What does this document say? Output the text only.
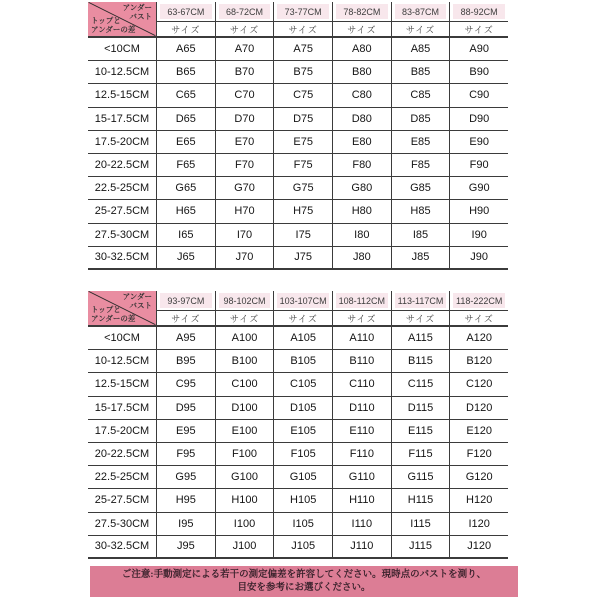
アンダー
バスト
トップと
アンダーの差
63-67CM	68-72CM	73-77CM	78-82CM	83-87CM	88-92CM
サイズ	サイズ	サイズ	サイズ	サイズ	サイズ
<10CM	A65	A70	A75	A80	A85	A90
10-12.5CM	B65	B70	B75	B80	B85	B90
12.5-15CM	C65	C70	C75	C80	C85	C90
15-17.5CM	D65	D70	D75	D80	D85	D90
17.5-20CM	E65	E70	E75	E80	E85	E90
20-22.5CM	F65	F70	F75	F80	F85	F90
22.5-25CM	G65	G70	G75	G80	G85	G90
25-27.5CM	H65	H70	H75	H80	H85	H90
27.5-30CM	I65	I70	I75	I80	I85	I90
30-32.5CM	J65	J70	J75	J80	J85	J90
アンダー
バスト
トップと
アンダーの差
93-97CM	98-102CM	103-107CM 108-112CM	113-117CM	118-222CM
サイズ	サイズ	サイズ	サイズ	サイズ	サイズ
<10CM	A95	A100	A105	A110	A115	A120
10-12.5CM	B95	B100	B105	B110	B115	B120
12.5-15CM	C95	C100	C105	C110	C115	C120
15-17.5CM	D95	D100	D105	D110	D115	D120
17.5-20CM	E95	E100	E105	E110	E115	E120
20-22.5CM	F95	F100	F105	F110	F115	F120
22.5-25CM	G95	G100	G105	G110	G115	G120
25-27.5CM	H95	H100	H105	H110	H115	H120
27.5-30CM	I95	I100	I105	I110	I115	I120
30-32.5CM	J95	J100	J105	J110	J115	J120
ご注意:手動測定による若干の測定偏差を許容してください。現時点のバストを測り、
目安を参考にお選びください。
